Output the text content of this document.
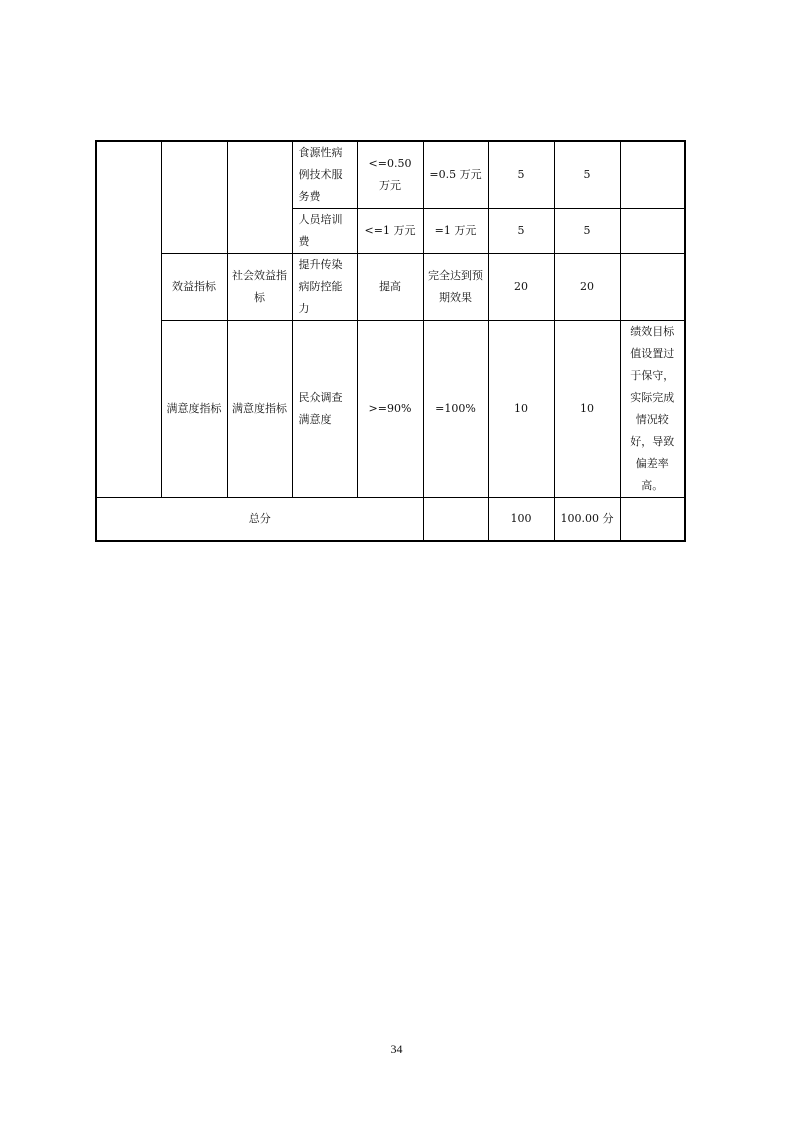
			食源性病例技术服务费	<=0.50 万元	=0.5 万元	5	5	
			人员培训费	<=1 万元	=1 万元	5	5	
	效益指标	社会效益指标	提升传染病防控能力	提高	完全达到预期效果	20	20	
	满意度指标	满意度指标	民众调查满意度	>=90%	=100%	10	10	绩效目标值设置过于保守，实际完成情况较好，导致偏差率高。
总分						100	100.00 分	
34
